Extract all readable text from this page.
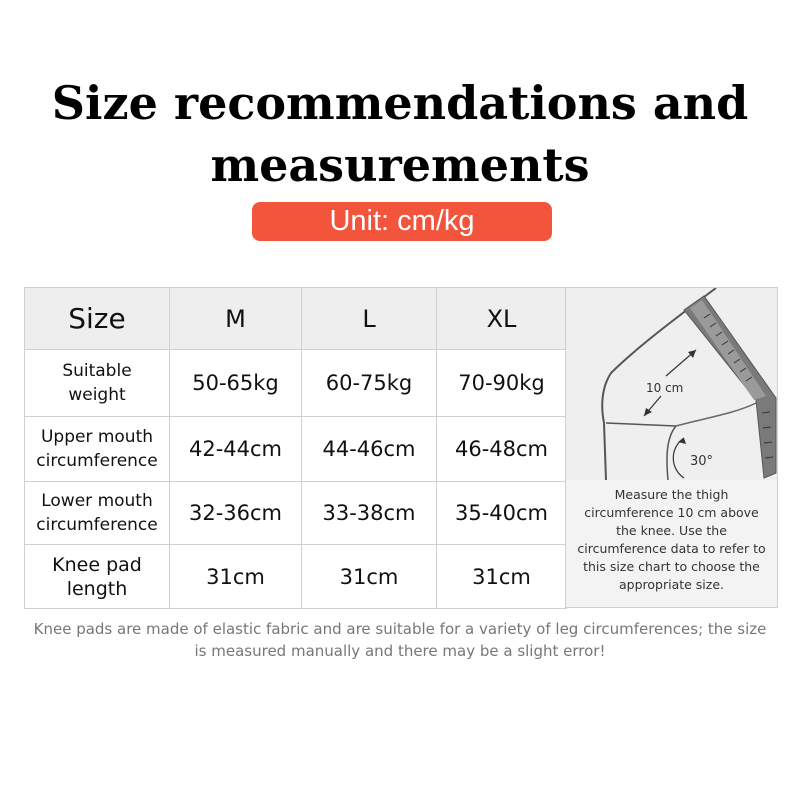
Size recommendations and
measurements
Unit: cm/kg
Size	M	L	XL

Suitable
weight	50-65kg	60-75kg	70-90kg

Upper mouth
circumference	42-44cm	44-46cm	46-48cm

Lower mouth
circumference	32-36cm	33-38cm	35-40cm

Knee pad
length	31cm	31cm	31cm
10 cm
30°
Measure the thigh
circumference 10 cm above
the knee. Use the
circumference data to refer to
this size chart to choose the
appropriate size.
Knee pads are made of elastic fabric and are suitable for a variety of leg circumferences; the size
is measured manually and there may be a slight error!
